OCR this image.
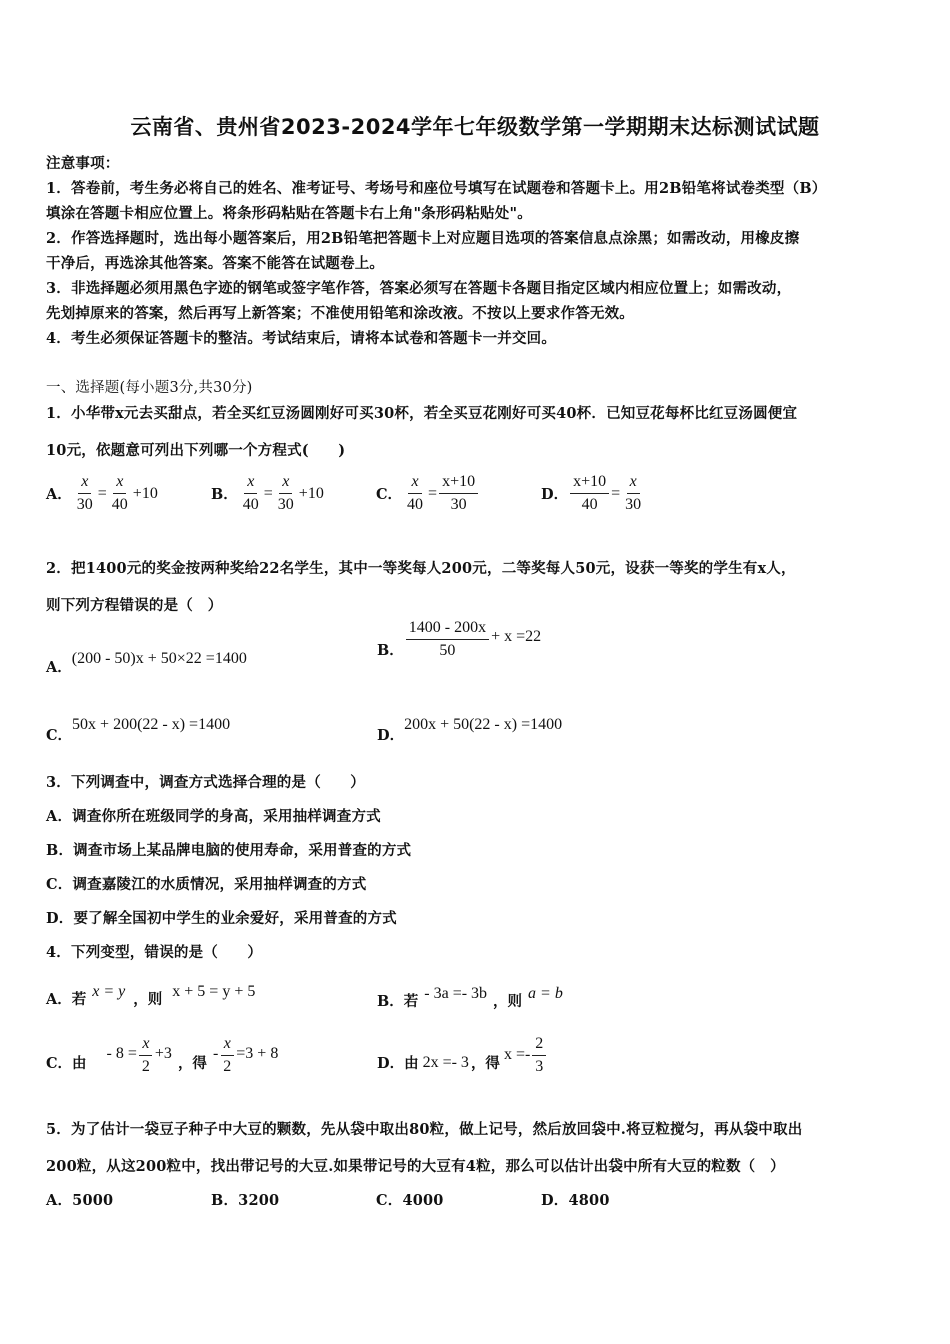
云南省、贵州省2023-2024学年七年级数学第一学期期末达标测试试题
注意事项：
1．答卷前，考生务必将自己的姓名、准考证号、考场号和座位号填写在试题卷和答题卡上。用2B铅笔将试卷类型（B）
填涂在答题卡相应位置上。将条形码粘贴在答题卡右上角"条形码粘贴处"。
2．作答选择题时，选出每小题答案后，用2B铅笔把答题卡上对应题目选项的答案信息点涂黑；如需改动，用橡皮擦
干净后，再选涂其他答案。答案不能答在试题卷上。
3．非选择题必须用黑色字迹的钢笔或签字笔作答，答案必须写在答题卡各题目指定区域内相应位置上；如需改动，
先划掉原来的答案，然后再写上新答案；不准使用铅笔和涂改液。不按以上要求作答无效。
4．考生必须保证答题卡的整洁。考试结束后，请将本试卷和答题卡一并交回。
一、选择题(每小题3分,共30分)
1．小华带x元去买甜点，若全买红豆汤圆刚好可买30杯，若全买豆花刚好可买40杯．已知豆花每杯比红豆汤圆便宜
10元，依题意可列出下列哪一个方程式(　　)
A． $\frac{x}{30} = \frac{x}{40} +10$	B． $\frac{x}{40} = \frac{x}{30} +10$	C． $\frac{x}{40} = \frac{x+10}{30}$	D． $\frac{x+10}{40} = \frac{x}{30}$
2．把1400元的奖金按两种奖给22名学生，其中一等奖每人200元，二等奖每人50元，设获一等奖的学生有x人，
则下列方程错误的是（　）
A．
(200 - 50)x + 50×22 =1400	B． $\frac{1400 - 200x}{50} + x =22$
C．
50x + 200(22 - x) =1400
D．
200x + 50(22 - x) =1400
3．下列调查中，调查方式选择合理的是（　　）
A．调查你所在班级同学的身高，采用抽样调查方式
B．调查市场上某品牌电脑的使用寿命，采用普查的方式
C．调查嘉陵江的水质情况，采用抽样调查的方式
D．要了解全国初中学生的业余爱好，采用普查的方式
4．下列变型，错误的是（　　）
A．若 x = y ，则 x + 5 = y + 5
B．若 - 3a =- 3b ，则 a = b
C．由
- $8 = \frac{x}{2} +3$
，得
- $\frac{x}{2} =3 + 8$
D．由 2x =- 3 ，得
$x =- \frac{2}{3}$
5．为了估计一袋豆子种子中大豆的颗数，先从袋中取出80粒，做上记号，然后放回袋中.将豆粒搅匀，再从袋中取出
200粒，从这200粒中，找出带记号的大豆.如果带记号的大豆有4粒，那么可以估计出袋中所有大豆的粒数（　）
A．5000	B．3200	C．4000	D．4800
